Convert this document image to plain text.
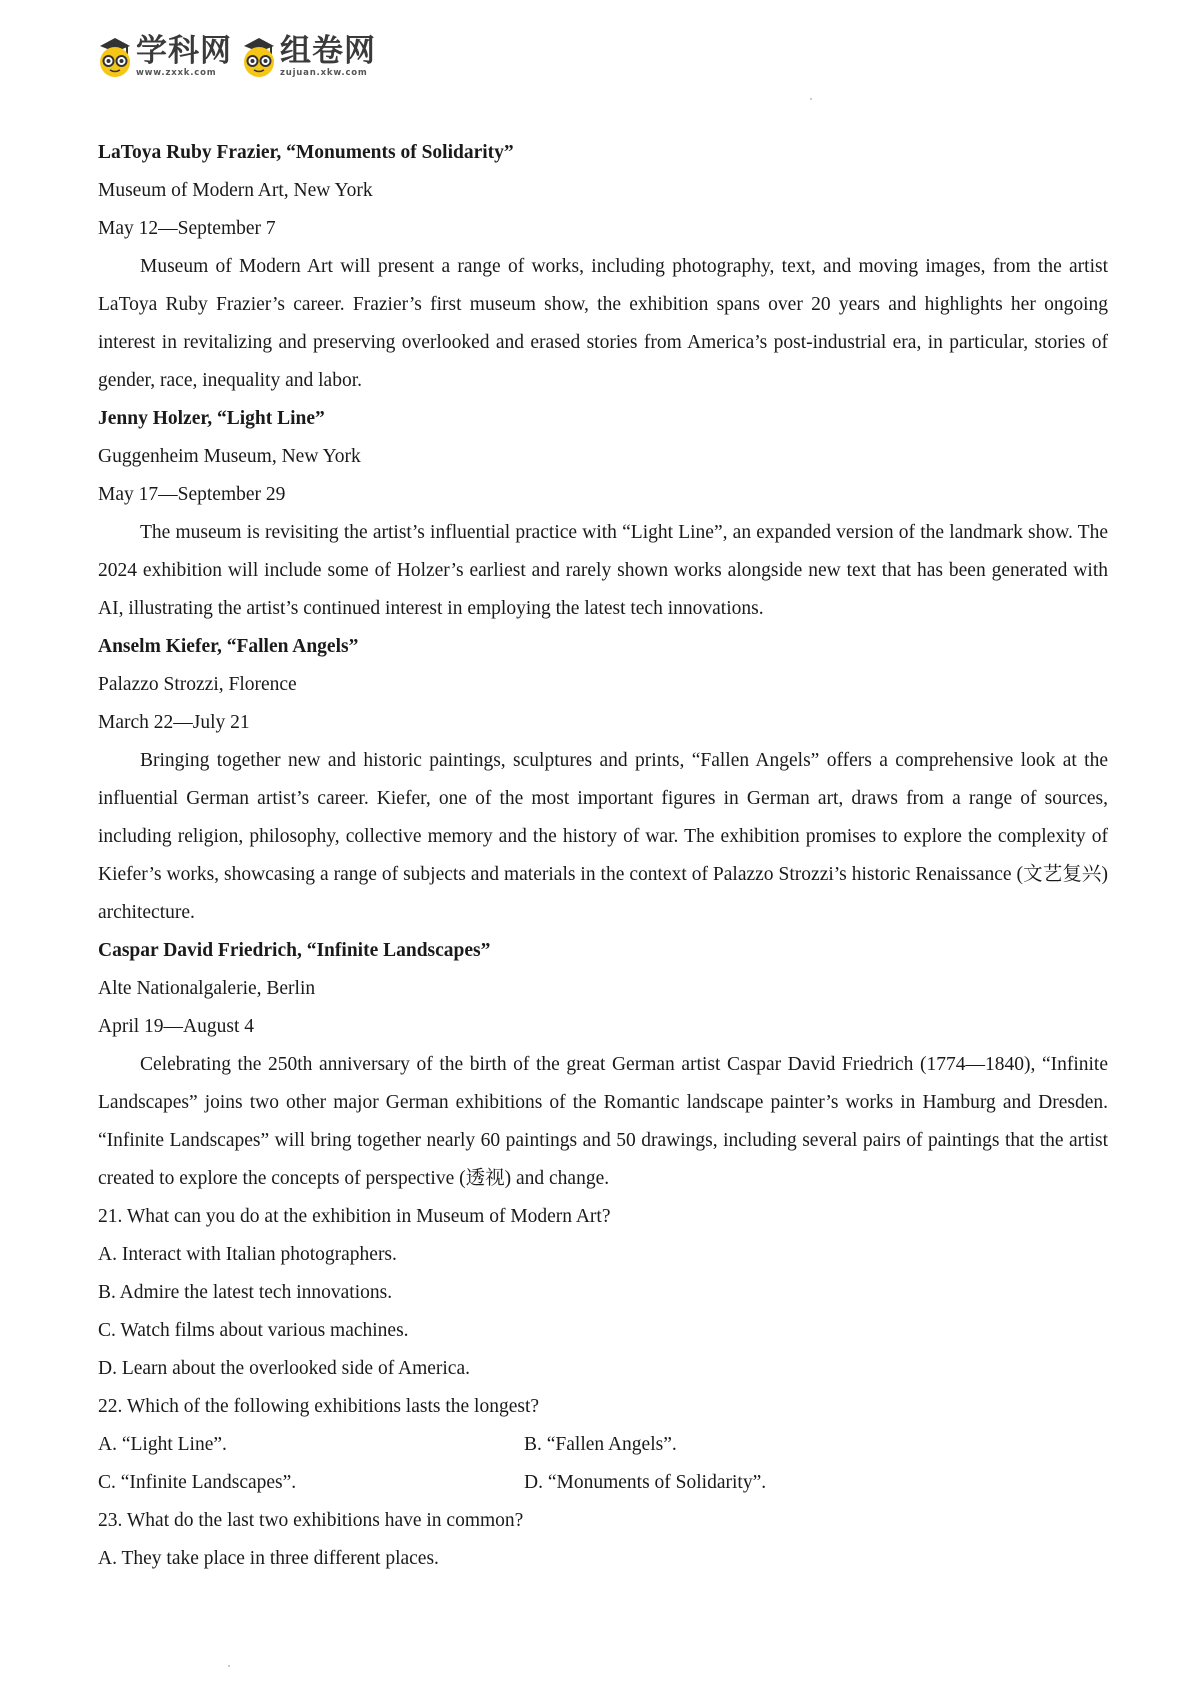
学科网
www.zxxk.com
组卷网
zujuan.xkw.com
LaToya Ruby Frazier, “Monuments of Solidarity”
Museum of Modern Art, New York
May 12—September 7

Museum of Modern Art will present a range of works, including photography, text, and moving images, from the artist LaToya Ruby Frazier’s career. Frazier’s first museum show, the exhibition spans over 20 years and highlights her ongoing interest in revitalizing and preserving overlooked and erased stories from America’s post-industrial era, in particular, stories of gender, race, inequality and labor.

Jenny Holzer, “Light Line”
Guggenheim Museum, New York
May 17—September 29

The museum is revisiting the artist’s influential practice with “Light Line”, an expanded version of the landmark show. The 2024 exhibition will include some of Holzer’s earliest and rarely shown works alongside new text that has been generated with AI, illustrating the artist’s continued interest in employing the latest tech innovations.

Anselm Kiefer, “Fallen Angels”
Palazzo Strozzi, Florence
March 22—July 21

Bringing together new and historic paintings, sculptures and prints, “Fallen Angels” offers a comprehensive look at the influential German artist’s career. Kiefer, one of the most important figures in German art, draws from a range of sources, including religion, philosophy, collective memory and the history of war. The exhibition promises to explore the complexity of Kiefer’s works, showcasing a range of subjects and materials in the context of Palazzo Strozzi’s historic Renaissance (文艺复兴) architecture.

Caspar David Friedrich, “Infinite Landscapes”
Alte Nationalgalerie, Berlin
April 19—August 4

Celebrating the 250th anniversary of the birth of the great German artist Caspar David Friedrich (1774—1840), “Infinite Landscapes” joins two other major German exhibitions of the Romantic landscape painter’s works in Hamburg and Dresden. “Infinite Landscapes” will bring together nearly 60 paintings and 50 drawings, including several pairs of paintings that the artist created to explore the concepts of perspective (透视) and change.

21. What can you do at the exhibition in Museum of Modern Art?
A. Interact with Italian photographers.
B. Admire the latest tech innovations.
C. Watch films about various machines.
D. Learn about the overlooked side of America.
22. Which of the following exhibitions lasts the longest?
A. “Light Line”.	B. “Fallen Angels”.
C. “Infinite Landscapes”.	D. “Monuments of Solidarity”.
23. What do the last two exhibitions have in common?
A. They take place in three different places.
